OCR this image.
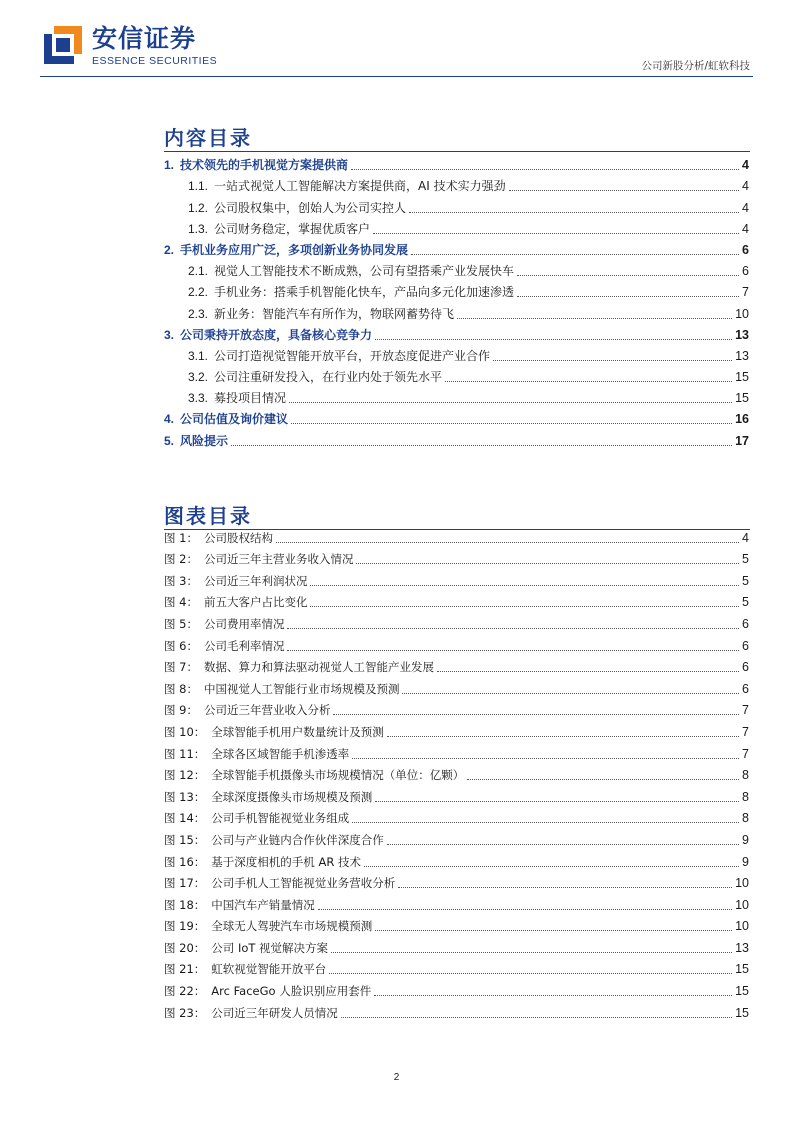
安信证券
ESSENCE SECURITIES	公司新股分析/虹软科技
内容目录
1. 技术领先的手机视觉方案提供商	4
1.1. 一站式视觉人工智能解决方案提供商，AI 技术实力强劲	4
1.2. 公司股权集中，创始人为公司实控人	4
1.3. 公司财务稳定，掌握优质客户	4
2. 手机业务应用广泛，多项创新业务协同发展	6
2.1. 视觉人工智能技术不断成熟，公司有望搭乘产业发展快车	6
2.2. 手机业务：搭乘手机智能化快车，产品向多元化加速渗透	7
2.3. 新业务：智能汽车有所作为，物联网蓄势待飞	10
3. 公司秉持开放态度，具备核心竞争力	13
3.1. 公司打造视觉智能开放平台，开放态度促进产业合作	13
3.2. 公司注重研发投入，在行业内处于领先水平	15
3.3. 募投项目情况	15
4. 公司估值及询价建议	16
5. 风险提示	17
图表目录
图 1： 公司股权结构	4
图 2： 公司近三年主营业务收入情况	5
图 3： 公司近三年利润状况	5
图 4： 前五大客户占比变化	5
图 5： 公司费用率情况	6
图 6： 公司毛利率情况	6
图 7： 数据、算力和算法驱动视觉人工智能产业发展	6
图 8： 中国视觉人工智能行业市场规模及预测	6
图 9： 公司近三年营业收入分析	7
图 10： 全球智能手机用户数量统计及预测	7
图 11： 全球各区域智能手机渗透率	7
图 12： 全球智能手机摄像头市场规模情况（单位：亿颗）	8
图 13： 全球深度摄像头市场规模及预测	8
图 14： 公司手机智能视觉业务组成	8
图 15： 公司与产业链内合作伙伴深度合作	9
图 16： 基于深度相机的手机 AR 技术	9
图 17： 公司手机人工智能视觉业务营收分析	10
图 18： 中国汽车产销量情况	10
图 19： 全球无人驾驶汽车市场规模预测	10
图 20： 公司 IoT 视觉解决方案	13
图 21： 虹软视觉智能开放平台	15
图 22： Arc FaceGo 人脸识别应用套件	15
图 23： 公司近三年研发人员情况	15
2
